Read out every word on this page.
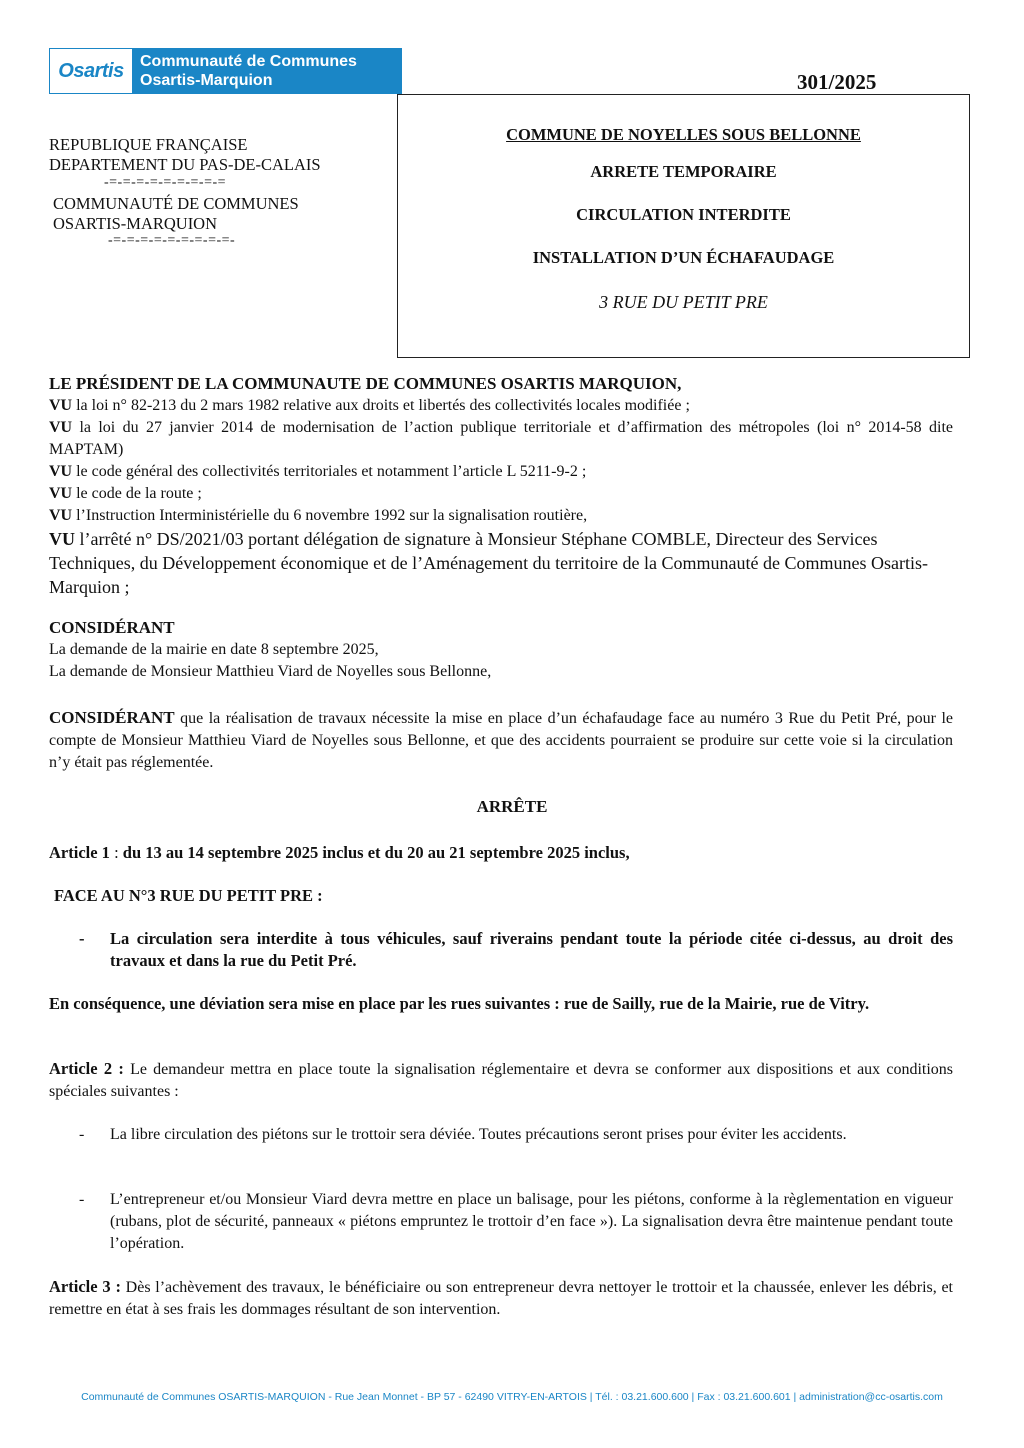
Osartis Communauté de Communes
Osartis-Marquion	301/2025
REPUBLIQUE FRANÇAISE
DEPARTEMENT DU PAS-DE-CALAIS
-=-=-=-=-=-=-=-=-=
COMMUNAUTÉ DE COMMUNES
OSARTIS-MARQUION
-=-=-=-=-=-=-=-=-=-
COMMUNE DE NOYELLES SOUS BELLONNE
ARRETE TEMPORAIRE
CIRCULATION INTERDITE
INSTALLATION D’UN ÉCHAFAUDAGE
3 RUE DU PETIT PRE
LE PRÉSIDENT DE LA COMMUNAUTE DE COMMUNES OSARTIS MARQUION,
VU la loi n° 82-213 du 2 mars 1982 relative aux droits et libertés des collectivités locales modifiée ;
VU la loi du 27 janvier 2014 de modernisation de l’action publique territoriale et d’affirmation des métropoles (loi n° 2014-58 dite MAPTAM)
VU le code général des collectivités territoriales et notamment l’article L 5211-9-2 ;
VU le code de la route ;
VU l’Instruction Interministérielle du 6 novembre 1992 sur la signalisation routière,
VU l’arrêté n° DS/2021/03 portant délégation de signature à Monsieur Stéphane COMBLE, Directeur des Services Techniques, du Développement économique et de l’Aménagement du territoire de la Communauté de Communes Osartis-Marquion ;
CONSIDÉRANT
La demande de la mairie en date 8 septembre 2025,
La demande de Monsieur Matthieu Viard de Noyelles sous Bellonne,
CONSIDÉRANT que la réalisation de travaux nécessite la mise en place d’un échafaudage face au numéro 3 Rue du Petit Pré, pour le compte de Monsieur Matthieu Viard de Noyelles sous Bellonne, et que des accidents pourraient se produire sur cette voie si la circulation n’y était pas réglementée.
ARRÊTE
Article 1 : du 13 au 14 septembre 2025 inclus et du 20 au 21 septembre 2025 inclus,
FACE AU N°3 RUE DU PETIT PRE :
-	La circulation sera interdite à tous véhicules, sauf riverains pendant toute la période citée ci-dessus, au droit des travaux et dans la rue du Petit Pré.
En conséquence, une déviation sera mise en place par les rues suivantes : rue de Sailly, rue de la Mairie, rue de Vitry.
Article 2 : Le demandeur mettra en place toute la signalisation réglementaire et devra se conformer aux dispositions et aux conditions spéciales suivantes :
-	La libre circulation des piétons sur le trottoir sera déviée. Toutes précautions seront prises pour éviter les accidents.
-	L’entrepreneur et/ou Monsieur Viard devra mettre en place un balisage, pour les piétons, conforme à la règlementation en vigueur (rubans, plot de sécurité, panneaux « piétons empruntez le trottoir d’en face »). La signalisation devra être maintenue pendant toute l’opération.
Article 3 : Dès l’achèvement des travaux, le bénéficiaire ou son entrepreneur devra nettoyer le trottoir et la chaussée, enlever les débris, et remettre en état à ses frais les dommages résultant de son intervention.
Communauté de Communes OSARTIS-MARQUION - Rue Jean Monnet - BP 57 - 62490 VITRY-EN-ARTOIS | Tél. : 03.21.600.600 | Fax : 03.21.600.601 | administration@cc-osartis.com
